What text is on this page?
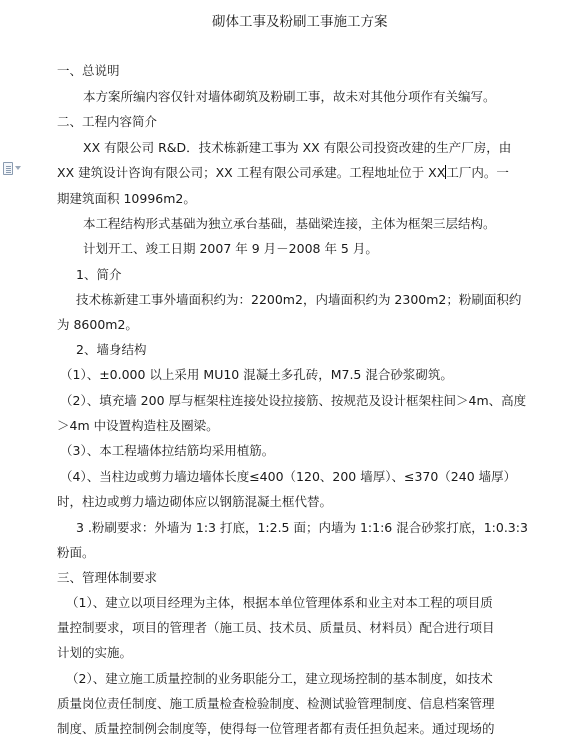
砌体工事及粉刷工事施工方案
一、总说明
本方案所编内容仅针对墙体砌筑及粉刷工事，故未对其他分项作有关编写。
二、工程内容简介
XX 有限公司 R&D．技术栋新建工事为 XX 有限公司投资改建的生产厂房，由
XX 建筑设计咨询有限公司；XX 工程有限公司承建。工程地址位于 XX工厂内。一
期建筑面积 10996m2。
本工程结构形式基础为独立承台基础，基础梁连接，主体为框架三层结构。
计划开工、竣工日期 2007 年 9 月－2008 年 5 月。
1、简介
技术栋新建工事外墙面积约为：2200m2，内墙面积约为 2300m2；粉刷面积约
为 8600m2。
2、墙身结构
（1）、±0.000 以上采用 MU10 混凝土多孔砖，M7.5 混合砂浆砌筑。
（2）、填充墙 200 厚与框架柱连接处设拉接筋、按规范及设计框架柱间＞4m、高度
＞4m 中设置构造柱及圈梁。
（3）、本工程墙体拉结筋均采用植筋。
（4）、当柱边或剪力墙边墙体长度≤400（120、200 墙厚）、≤370（240 墙厚）
时，柱边或剪力墙边砌体应以钢筋混凝土框代替。
3 .粉刷要求：外墙为 1:3 打底，1:2.5 面；内墙为 1:1:6 混合砂浆打底，1:0.3:3
粉面。
三、管理体制要求
（1）、建立以项目经理为主体，根据本单位管理体系和业主对本工程的项目质
量控制要求，项目的管理者（施工员、技术员、质量员、材料员）配合进行项目
计划的实施。
（2）、建立施工质量控制的业务职能分工，建立现场控制的基本制度，如技术
质量岗位责任制度、施工质量检查检验制度、检测试验管理制度、信息档案管理
制度、质量控制例会制度等，使得每一位管理者都有责任担负起来。通过现场的
